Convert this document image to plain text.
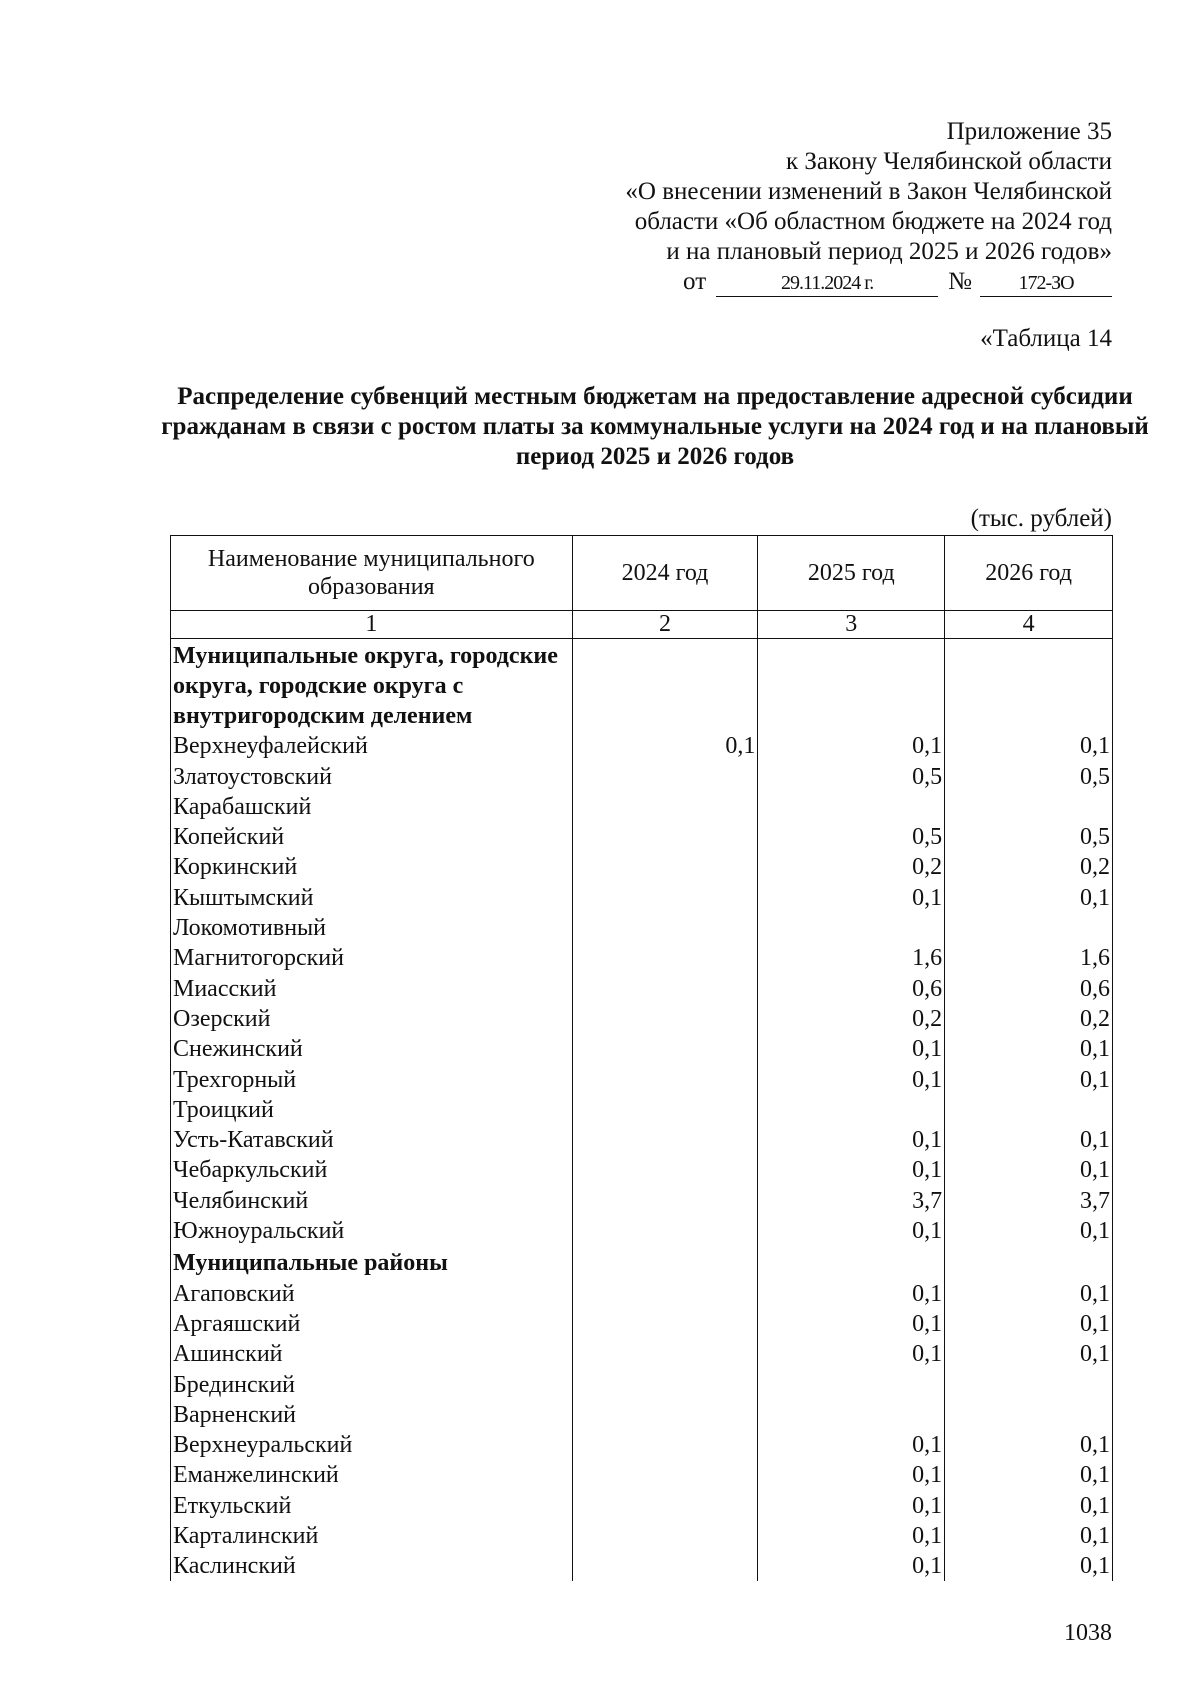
Приложение 35
к Закону Челябинской области
«О внесении изменений в Закон Челябинской
области «Об областном бюджете на 2024 год
и на плановый период 2025 и 2026 годов»
от	29.11.2024 г.	№	172-ЗО
«Таблица 14
Распределение субвенций местным бюджетам на предоставление адресной субсидии гражданам в связи с ростом платы за коммунальные услуги на 2024 год и на плановый период 2025 и 2026 годов
(тыс. рублей)
Наименование муниципального образования	2024 год	2025 год	2026 год
1	2	3	4
Муниципальные округа, городские округа, городские округа с внутригородским делением			
Верхнеуфалейский	0,1	0,1	0,1
Златоустовский		0,5	0,5
Карабашский			
Копейский		0,5	0,5
Коркинский		0,2	0,2
Кыштымский		0,1	0,1
Локомотивный			
Магнитогорский		1,6	1,6
Миасский		0,6	0,6
Озерский		0,2	0,2
Снежинский		0,1	0,1
Трехгорный		0,1	0,1
Троицкий			
Усть-Катавский		0,1	0,1
Чебаркульский		0,1	0,1
Челябинский		3,7	3,7
Южноуральский		0,1	0,1
Муниципальные районы			
Агаповский		0,1	0,1
Аргаяшский		0,1	0,1
Ашинский		0,1	0,1
Брединский			
Варненский			
Верхнеуральский		0,1	0,1
Еманжелинский		0,1	0,1
Еткульский		0,1	0,1
Карталинский		0,1	0,1
Каслинский		0,1	0,1
1038
